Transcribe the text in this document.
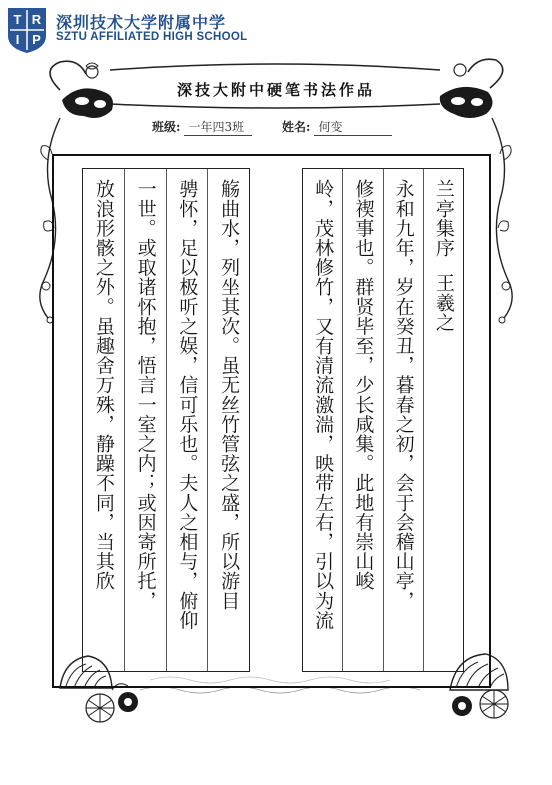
T R
I P
深圳技术大学附属中学
SZTU AFFILIATED HIGH SCHOOL
深技大附中硬笔书法作品
班级: 一年四3班	姓名: 何变
兰亭集序
王羲之
永和九年，岁在癸丑，暮春之初，会于会稽山亭，
修禊事也。群贤毕至，少长咸集。此地有崇山峻
岭，茂林修竹，又有清流激湍，映带左右，引以为流
觞曲水，列坐其次。虽无丝竹管弦之盛，所以游目
骋怀，足以极听之娱，信可乐也。夫人之相与，俯仰
一世。或取诸怀抱，悟言一室之内；或因寄所托，
放浪形骸之外。虽趣舍万殊，静躁不同，当其欣
